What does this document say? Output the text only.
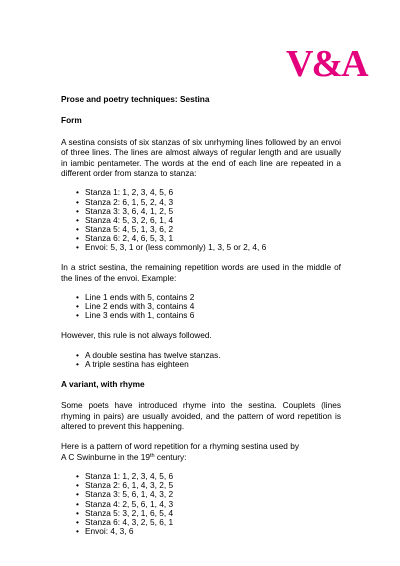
V&A

Prose and poetry techniques: Sestina

Form

A sestina consists of six stanzas of six unrhyming lines followed by an envoi of three lines. The lines are almost always of regular length and are usually in iambic pentameter. The words at the end of each line are repeated in a different order from stanza to stanza:

• Stanza 1: 1, 2, 3, 4, 5, 6
• Stanza 2: 6, 1, 5, 2, 4, 3
• Stanza 3: 3, 6, 4, 1, 2, 5
• Stanza 4: 5, 3, 2, 6, 1, 4
• Stanza 5: 4, 5, 1, 3, 6, 2
• Stanza 6: 2, 4, 6, 5, 3, 1
• Envoi: 5, 3, 1 or (less commonly) 1, 3, 5 or 2, 4, 6

In a strict sestina, the remaining repetition words are used in the middle of the lines of the envoi. Example:

• Line 1 ends with 5, contains 2
• Line 2 ends with 3, contains 4
• Line 3 ends with 1, contains 6

However, this rule is not always followed.

• A double sestina has twelve stanzas.
• A triple sestina has eighteen

A variant, with rhyme

Some poets have introduced rhyme into the sestina. Couplets (lines rhyming in pairs) are usually avoided, and the pattern of word repetition is altered to prevent this happening.

Here is a pattern of word repetition for a rhyming sestina used by
A C Swinburne in the 19th century:

• Stanza 1: 1, 2, 3, 4, 5, 6
• Stanza 2: 6, 1, 4, 3, 2, 5
• Stanza 3: 5, 6, 1, 4, 3, 2
• Stanza 4: 2, 5, 6, 1, 4, 3
• Stanza 5: 3, 2, 1, 6, 5, 4
• Stanza 6: 4, 3, 2, 5, 6, 1
• Envoi: 4, 3, 6
